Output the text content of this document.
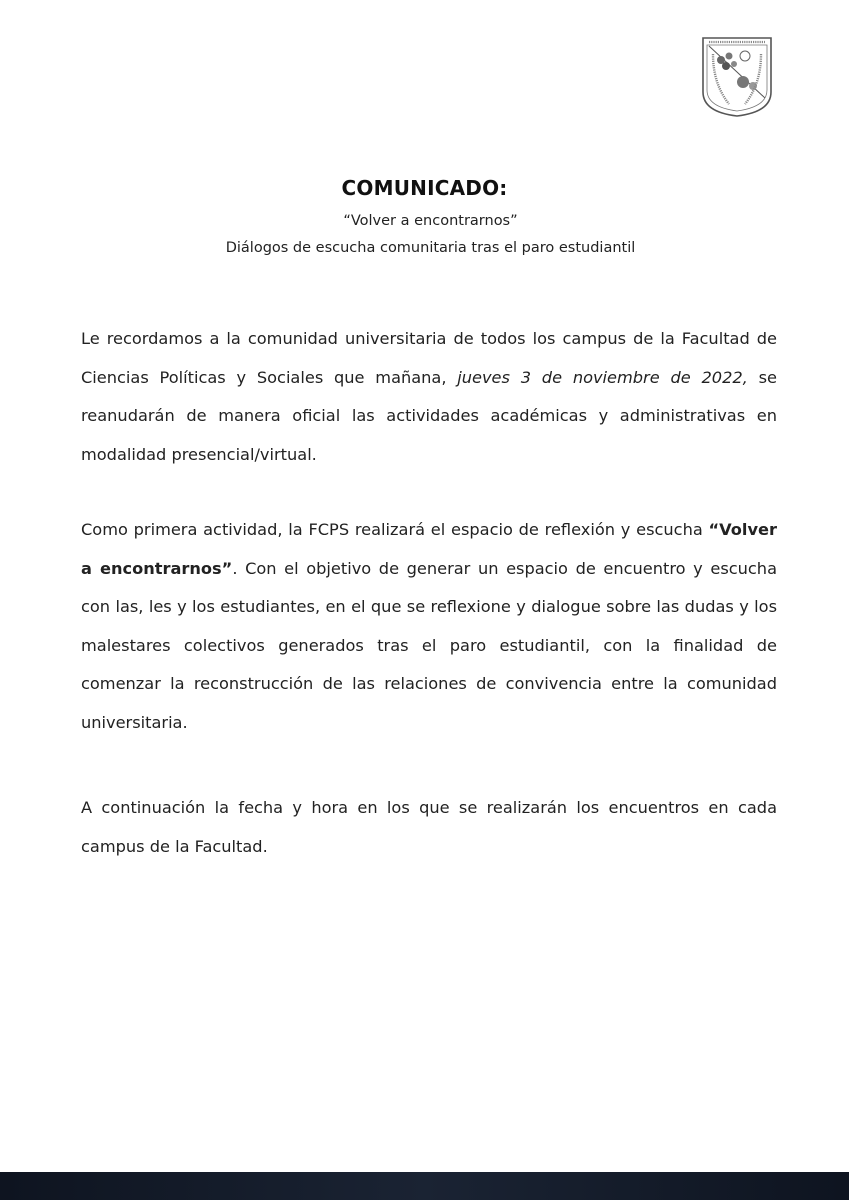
COMUNICADO:
“Volver a encontrarnos”
Diálogos de escucha comunitaria tras el paro estudiantil

Le recordamos a la comunidad universitaria de todos los campus de la Facultad de Ciencias Políticas y Sociales que mañana, jueves 3 de noviembre de 2022, se reanudarán de manera oficial las actividades académicas y administrativas en modalidad presencial/virtual.

Como primera actividad, la FCPS realizará el espacio de reflexión y escucha “Volver a encontrarnos”. Con el objetivo de generar un espacio de encuentro y escucha con las, les y los estudiantes, en el que se reflexione y dialogue sobre las dudas y los malestares colectivos generados tras el paro estudiantil, con la finalidad de comenzar la reconstrucción de las relaciones de convivencia entre la comunidad universitaria.

A continuación la fecha y hora en los que se realizarán los encuentros en cada campus de la Facultad.
